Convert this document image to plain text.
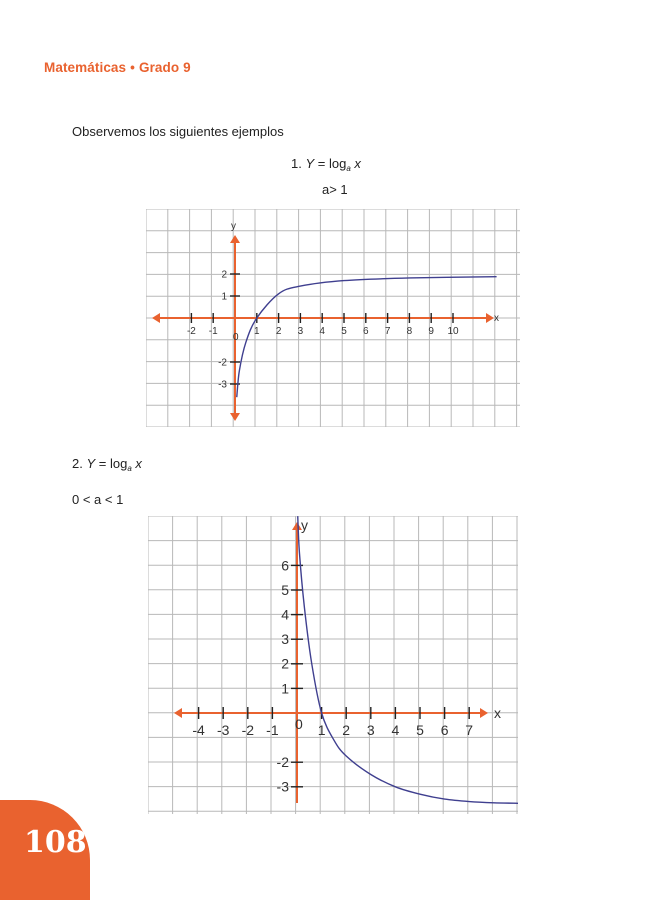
Matemáticas • Grado 9
Observemos los siguientes ejemplos
1. $Y = \log_a x$
a> 1
-2 -1	1 2 3 4 5 6 7 8 9 10
2
1
-2
-3
0
x
y
2. $Y = \log_a x$
0 < a < 1
-4 -3 -2 -1	1 2 3 4 5 6 7
6
5
4
3
2
1
-2
-3
0
x
y
108
